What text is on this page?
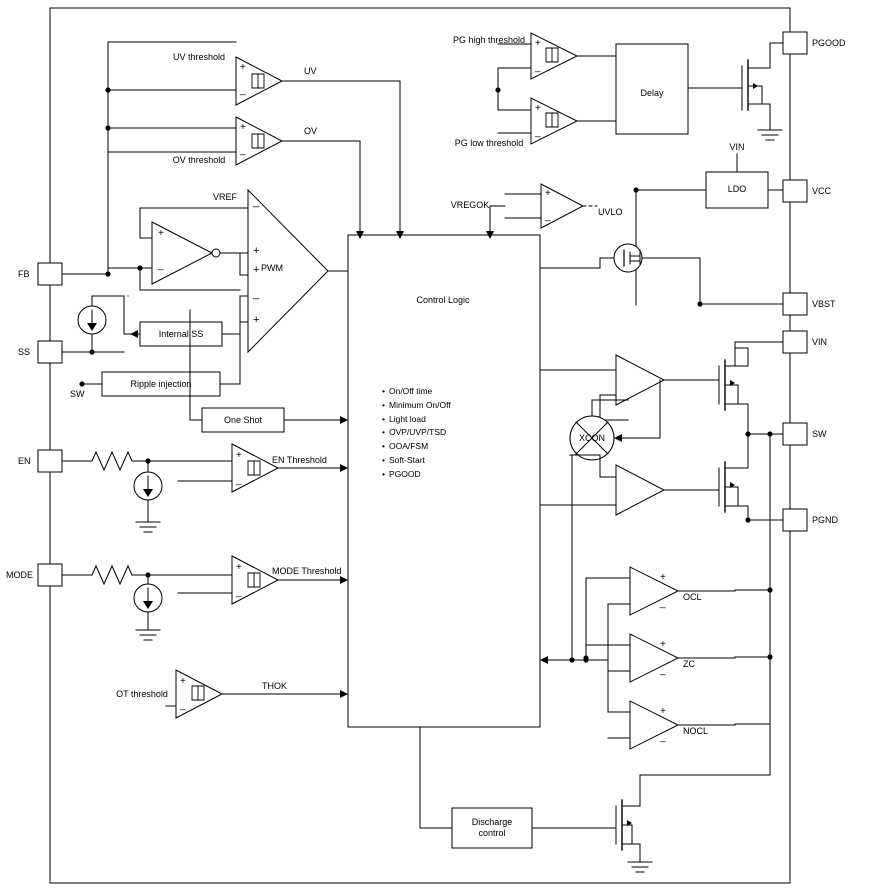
UV threshold
UV
OV threshold
OV
PG high threshold
PG low threshold
Delay
VIN
LDO
VREGOK
UVLO
VREF
PWM
Control Logic
Internal SS
Ripple injection
One Shot
EN Threshold
MODE Threshold
OT threshold
THOK
XCON
OCL
ZC
NOCL
Discharge
control
+
_
+
_
+
_
+
_
+
_
+
_
_
+
+
_
+
+
_
+
_
+
_
+
_
+
_
+
_
• On/Off time
• Minimum On/Off
• Light load
• OVP/UVP/TSD
• OOA/FSM
• Soft-Start
• PGOOD
FB
SS
SW
EN
MODE
PGOOD
VCC
VBST
VIN
SW
PGND
